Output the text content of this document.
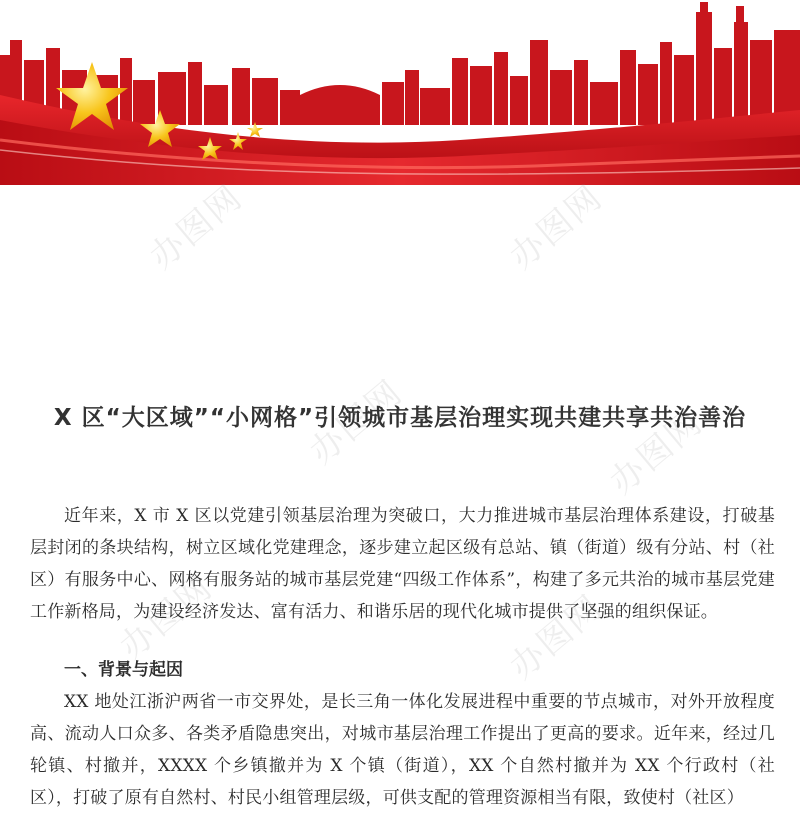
办图网	办图网
办图网	办图网
办图网	办图网
X 区“大区域”“小网格”引领城市基层治理实现共建共享共治善治

近年来，X 市 X 区以党建引领基层治理为突破口，大力推进城市基层治理体系建设，打破基层封闭的条块结构，树立区域化党建理念，逐步建立起区级有总站、镇（街道）级有分站、村（社区）有服务中心、网格有服务站的城市基层党建“四级工作体系”，构建了多元共治的城市基层党建工作新格局，为建设经济发达、富有活力、和谐乐居的现代化城市提供了坚强的组织保证。

一、背景与起因

XX 地处江浙沪两省一市交界处，是长三角一体化发展进程中重要的节点城市，对外开放程度高、流动人口众多、各类矛盾隐患突出，对城市基层治理工作提出了更高的要求。近年来，经过几轮镇、村撤并，XXXX 个乡镇撤并为 X 个镇（街道），XX 个自然村撤并为 XX 个行政村（社区），打破了原有自然村、村民小组管理层级，可供支配的管理资源相当有限，致使村（社区）
